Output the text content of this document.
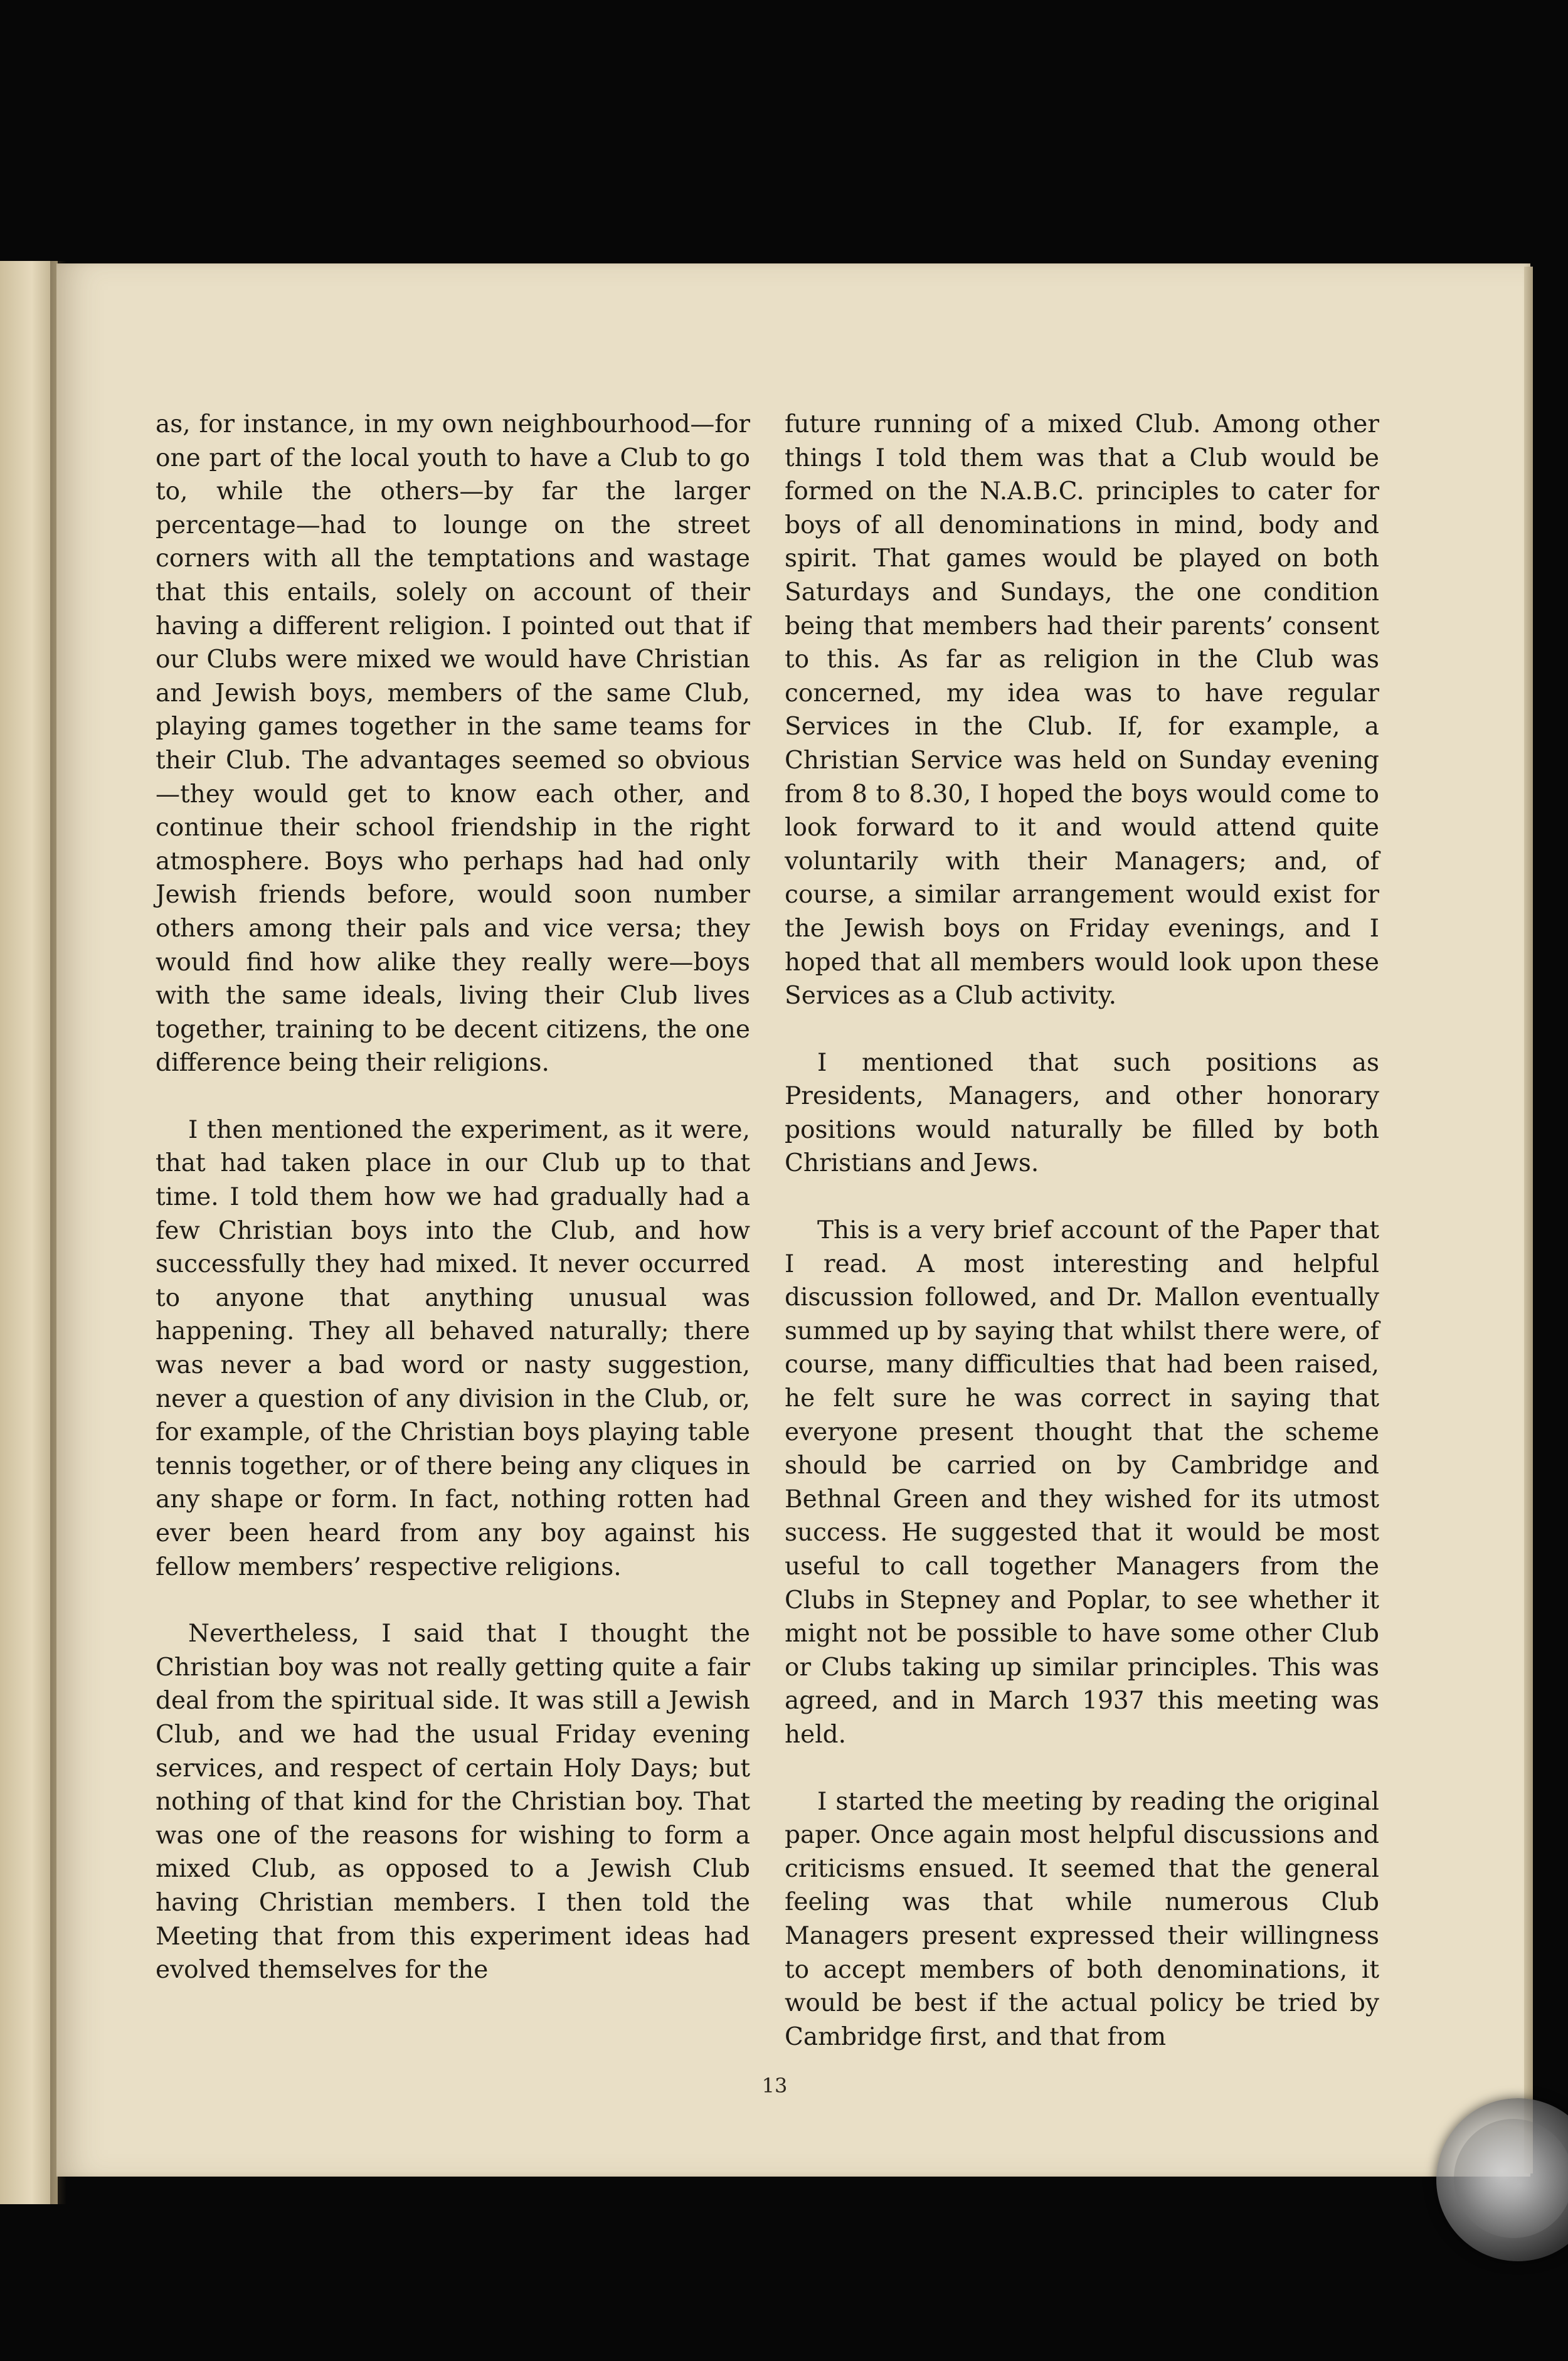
as, for instance, in my own neighbourhood—for one part of the local youth to have a Club to go to, while the others—by far the larger percentage—had to lounge on the street corners with all the temptations and wastage that this entails, solely on account of their having a different religion. I pointed out that if our Clubs were mixed we would have Christian and Jewish boys, members of the same Club, playing games together in the same teams for their Club. The advantages seemed so obvious—they would get to know each other, and continue their school friendship in the right atmosphere. Boys who perhaps had had only Jewish friends before, would soon number others among their pals and vice versa; they would find how alike they really were—boys with the same ideals, living their Club lives together, training to be decent citizens, the one difference being their religions.

I then mentioned the experiment, as it were, that had taken place in our Club up to that time. I told them how we had gradually had a few Christian boys into the Club, and how successfully they had mixed. It never occurred to anyone that anything unusual was happening. They all behaved naturally; there was never a bad word or nasty suggestion, never a question of any division in the Club, or, for example, of the Christian boys playing table tennis together, or of there being any cliques in any shape or form. In fact, nothing rotten had ever been heard from any boy against his fellow members’ respective religions.

Nevertheless, I said that I thought the Christian boy was not really getting quite a fair deal from the spiritual side. It was still a Jewish Club, and we had the usual Friday evening services, and respect of certain Holy Days; but nothing of that kind for the Christian boy. That was one of the reasons for wishing to form a mixed Club, as opposed to a Jewish Club having Christian members. I then told the Meeting that from this experiment ideas had evolved themselves for the

future running of a mixed Club. Among other things I told them was that a Club would be formed on the N.A.B.C. principles to cater for boys of all denominations in mind, body and spirit. That games would be played on both Saturdays and Sundays, the one condition being that members had their parents’ consent to this. As far as religion in the Club was concerned, my idea was to have regular Services in the Club. If, for example, a Christian Service was held on Sunday evening from 8 to 8.30, I hoped the boys would come to look forward to it and would attend quite voluntarily with their Managers; and, of course, a similar arrangement would exist for the Jewish boys on Friday evenings, and I hoped that all members would look upon these Services as a Club activity.

I mentioned that such positions as Presidents, Managers, and other honorary positions would naturally be filled by both Christians and Jews.

This is a very brief account of the Paper that I read. A most interesting and helpful discussion followed, and Dr. Mallon eventually summed up by saying that whilst there were, of course, many difficulties that had been raised, he felt sure he was correct in saying that everyone present thought that the scheme should be carried on by Cambridge and Bethnal Green and they wished for its utmost success. He suggested that it would be most useful to call together Managers from the Clubs in Stepney and Poplar, to see whether it might not be possible to have some other Club or Clubs taking up similar principles. This was agreed, and in March 1937 this meeting was held.

I started the meeting by reading the original paper. Once again most helpful discussions and criticisms ensued. It seemed that the general feeling was that while numerous Club Managers present expressed their willingness to accept members of both denominations, it would be best if the actual policy be tried by Cambridge first, and that from

13
